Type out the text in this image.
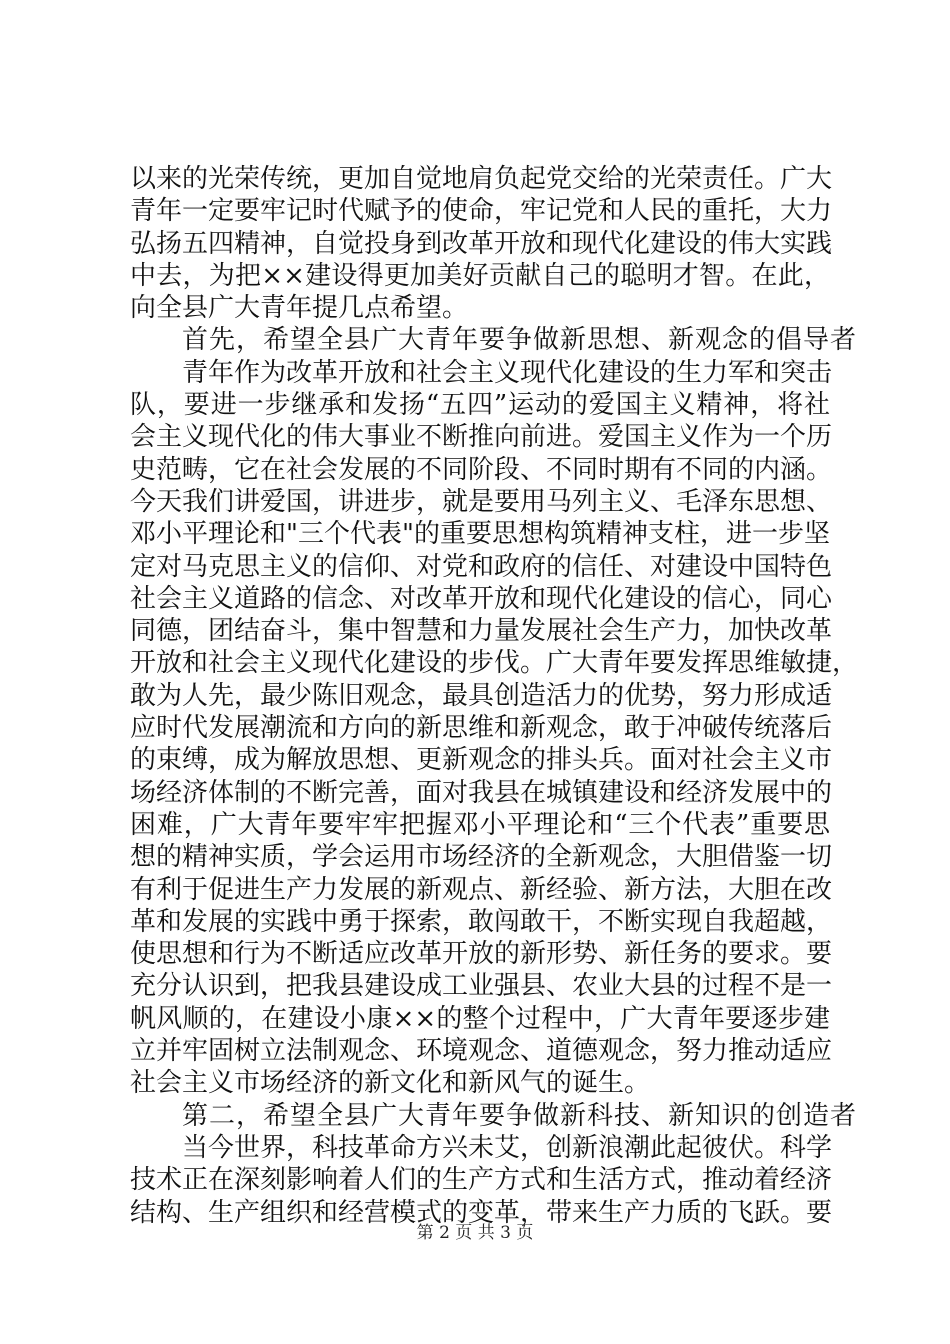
以来的光荣传统，更加自觉地肩负起党交给的光荣责任。广大
青年一定要牢记时代赋予的使命，牢记党和人民的重托，大力
弘扬五四精神，自觉投身到改革开放和现代化建设的伟大实践
中去，为把××建设得更加美好贡献自己的聪明才智。在此，
向全县广大青年提几点希望。
首先，希望全县广大青年要争做新思想、新观念的倡导者
青年作为改革开放和社会主义现代化建设的生力军和突击
队，要进一步继承和发扬“五四”运动的爱国主义精神，将社
会主义现代化的伟大事业不断推向前进。爱国主义作为一个历
史范畴，它在社会发展的不同阶段、不同时期有不同的内涵。
今天我们讲爱国，讲进步，就是要用马列主义、毛泽东思想、
邓小平理论和"三个代表"的重要思想构筑精神支柱，进一步坚
定对马克思主义的信仰、对党和政府的信任、对建设中国特色
社会主义道路的信念、对改革开放和现代化建设的信心，同心
同德，团结奋斗，集中智慧和力量发展社会生产力，加快改革
开放和社会主义现代化建设的步伐。广大青年要发挥思维敏捷，
敢为人先，最少陈旧观念，最具创造活力的优势，努力形成适
应时代发展潮流和方向的新思维和新观念，敢于冲破传统落后
的束缚，成为解放思想、更新观念的排头兵。面对社会主义市
场经济体制的不断完善，面对我县在城镇建设和经济发展中的
困难，广大青年要牢牢把握邓小平理论和“三个代表”重要思
想的精神实质，学会运用市场经济的全新观念，大胆借鉴一切
有利于促进生产力发展的新观点、新经验、新方法，大胆在改
革和发展的实践中勇于探索，敢闯敢干，不断实现自我超越，
使思想和行为不断适应改革开放的新形势、新任务的要求。要
充分认识到，把我县建设成工业强县、农业大县的过程不是一
帆风顺的，在建设小康××的整个过程中，广大青年要逐步建
立并牢固树立法制观念、环境观念、道德观念，努力推动适应
社会主义市场经济的新文化和新风气的诞生。
第二，希望全县广大青年要争做新科技、新知识的创造者
当今世界，科技革命方兴未艾，创新浪潮此起彼伏。科学
技术正在深刻影响着人们的生产方式和生活方式，推动着经济
结构、生产组织和经营模式的变革，带来生产力质的飞跃。要
第 2 页 共 3 页
